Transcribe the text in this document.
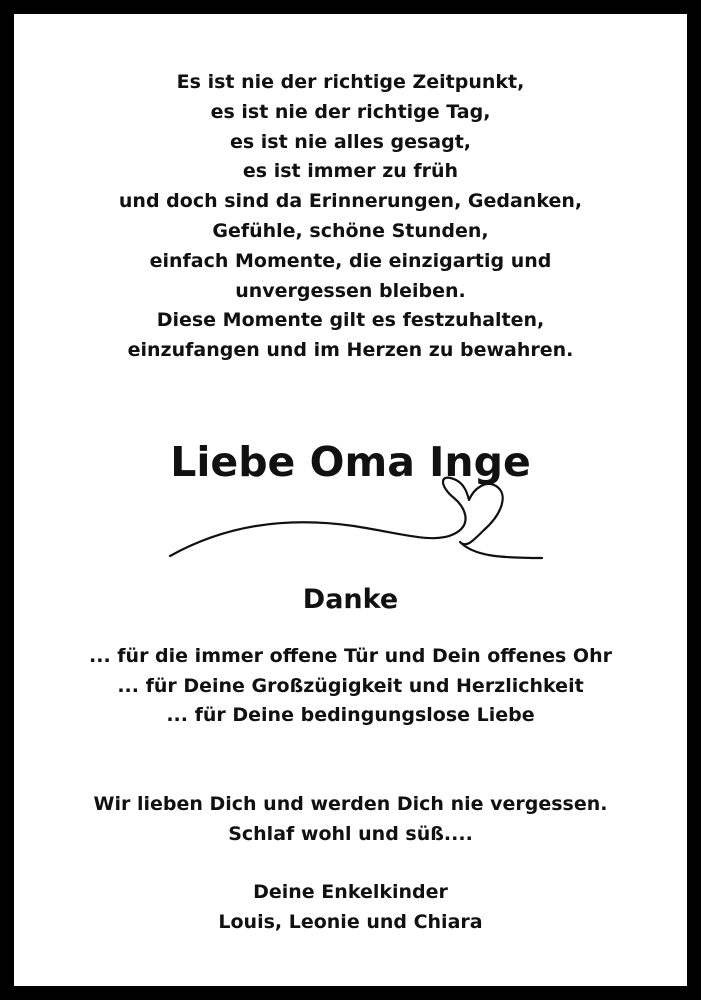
Es ist nie der richtige Zeitpunkt,
es ist nie der richtige Tag,
es ist nie alles gesagt,
es ist immer zu früh
und doch sind da Erinnerungen, Gedanken,
Gefühle, schöne Stunden,
einfach Momente, die einzigartig und
unvergessen bleiben.
Diese Momente gilt es festzuhalten,
einzufangen und im Herzen zu bewahren.
Liebe Oma Inge
Danke
... für die immer offene Tür und Dein offenes Ohr
... für Deine Großzügigkeit und Herzlichkeit
... für Deine bedingungslose Liebe
Wir lieben Dich und werden Dich nie vergessen.
Schlaf wohl und süß....
Deine Enkelkinder
Louis, Leonie und Chiara
